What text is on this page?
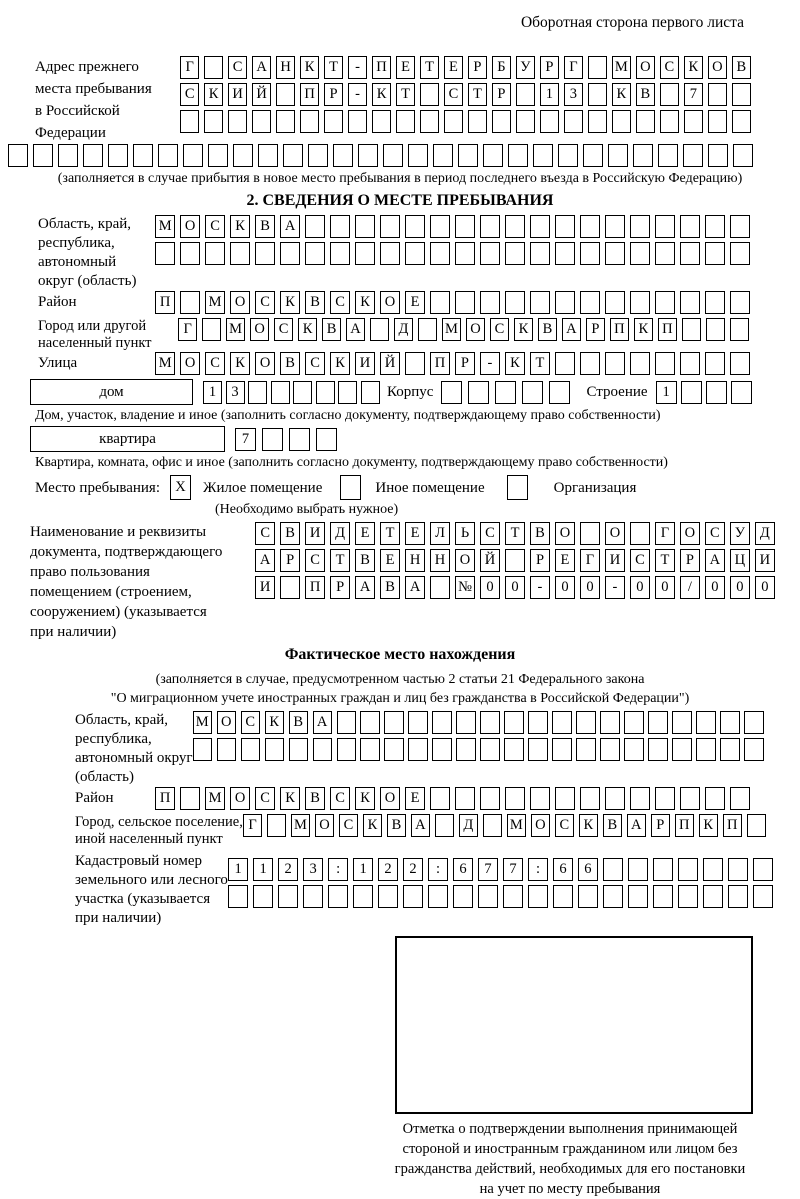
Оборотная сторона первого листа
Адрес прежнего
места пребывания
в Российской
Федерации
Г	С А Н К	Т	-	П Е	Т	Е	Р	Б	У	Р	Г	М О С К О В
С К И Й	П	Р	-	К	Т	С	Т	Р	1	3	К В	7
(заполняется в случае прибытия в новое место пребывания в период последнего въезда в Российскую Федерацию)
2. СВЕДЕНИЯ О МЕСТЕ ПРЕБЫВАНИЯ
Область, край,
республика,
автономный
округ (область)
М О	С	К	В	А
Район	П	М О	С	К	В	С	К	О	Е
Город или другой
населенный пункт
Г	М О С К В А	Д	М О С К В А	Р	П К П
Улица	М О	С	К	О	В	С	К	И	Й	П	Р	-	К	Т
дом	1	3	Корпус	Строение	1
Дом, участок, владение и иное (заполнить согласно документу, подтверждающему право собственности)
квартира	7
Квартира, комната, офис и иное (заполнить согласно документу, подтверждающему право собственности)
Место пребывания:	X	Жилое помещение	Иное помещение	Организация
(Необходимо выбрать нужное)
Наименование и реквизиты
документа, подтверждающего
право пользования
помещением (строением,
сооружением) (указывается
при наличии)
С	В	И	Д	Е	Т	Е	Л	Ь	С	Т	В	О	О	Г	О	С	У	Д
А	Р	С	Т	В	Е	Н	Н	О	Й	Р	Е	Г	И	С	Т	Р	А	Ц	И
И	П	Р	А	В	А	№ 0	0	-	0	0	-	0	0	/	0	0	0
Фактическое место нахождения
(заполняется в случае, предусмотренном частью 2 статьи 21 Федерального закона
"О миграционном учете иностранных граждан и лиц без гражданства в Российской Федерации")
Область, край,
республика,
автономный округ
(область)
М О С К В А
Район	П	М О	С	К	В	С	К	О	Е
Город, сельское поселение,
иной населенный пункт
Г	М О С К В А	Д	М О С К В А	Р	П К П
Кадастровый номер
земельного или лесного
участка (указывается
при наличии)
1	1	2	3	:	1	2	2	:	6	7	7	:	6	6
Отметка о подтверждении выполнения принимающей
стороной и иностранным гражданином или лицом без
гражданства действий, необходимых для его постановки
на учет по месту пребывания
